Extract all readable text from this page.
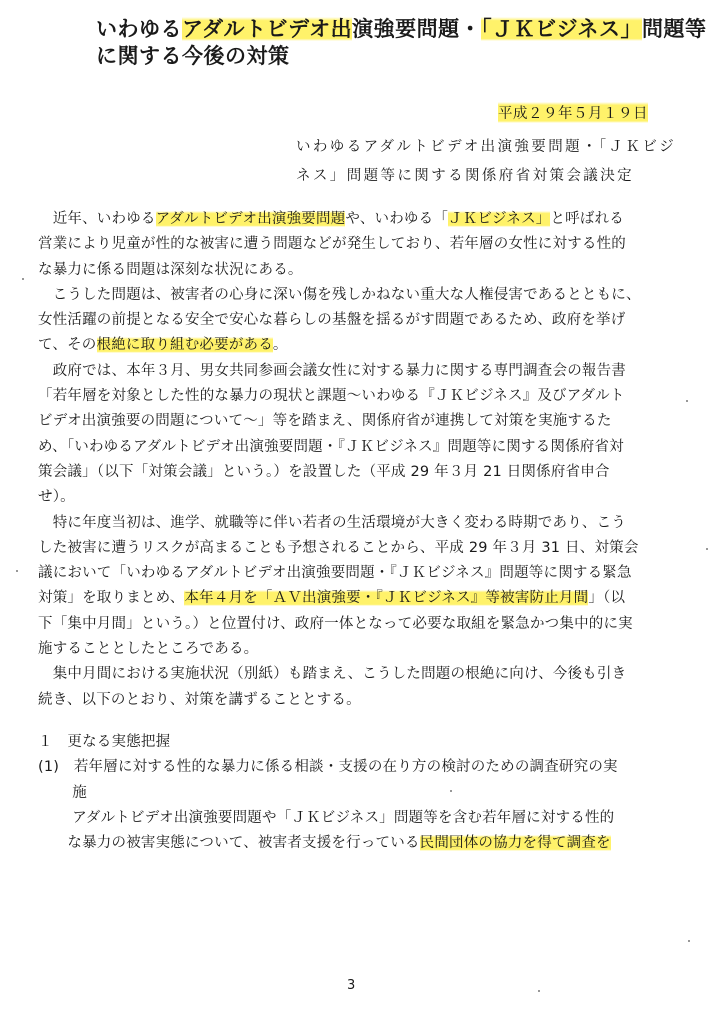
いわゆるアダルトビデオ出演強要問題・「ＪＫビジネス」問題等
に関する今後の対策
平成２９年５月１９日
いわゆるアダルトビデオ出演強要問題・「ＪＫビジ
ネス」問題等に関する関係府省対策会議決定
　近年、いわゆるアダルトビデオ出演強要問題や、いわゆる「ＪＫビジネス」と呼ばれる
営業により児童が性的な被害に遭う問題などが発生しており、若年層の女性に対する性的
な暴力に係る問題は深刻な状況にある。
　こうした問題は、被害者の心身に深い傷を残しかねない重大な人権侵害であるとともに、
女性活躍の前提となる安全で安心な暮らしの基盤を揺るがす問題であるため、政府を挙げ
て、その根絶に取り組む必要がある。
　政府では、本年３月、男女共同参画会議女性に対する暴力に関する専門調査会の報告書
「若年層を対象とした性的な暴力の現状と課題～いわゆる『ＪＫビジネス』及びアダルト
ビデオ出演強要の問題について～」等を踏まえ、関係府省が連携して対策を実施するた
め、「いわゆるアダルトビデオ出演強要問題・『ＪＫビジネス』問題等に関する関係府省対
策会議」（以下「対策会議」という。）を設置した（平成 29 年３月 21 日関係府省申合
せ）。
　特に年度当初は、進学、就職等に伴い若者の生活環境が大きく変わる時期であり、こう
した被害に遭うリスクが高まることも予想されることから、平成 29 年３月 31 日、対策会
議において「いわゆるアダルトビデオ出演強要問題・『ＪＫビジネス』問題等に関する緊急
対策」を取りまとめ、本年４月を「ＡＶ出演強要・『ＪＫビジネス』等被害防止月間」（以
下「集中月間」という。）と位置付け、政府一体となって必要な取組を緊急かつ集中的に実
施することとしたところである。
　集中月間における実施状況（別紙）も踏まえ、こうした問題の根絶に向け、今後も引き
続き、以下のとおり、対策を講ずることとする。
１　更なる実態把握
(1)　若年層に対する性的な暴力に係る相談・支援の在り方の検討のための調査研究の実
　　 施
　　 アダルトビデオ出演強要問題や「ＪＫビジネス」問題等を含む若年層に対する性的
　　な暴力の被害実態について、被害者支援を行っている民間団体の協力を得て調査を
3
